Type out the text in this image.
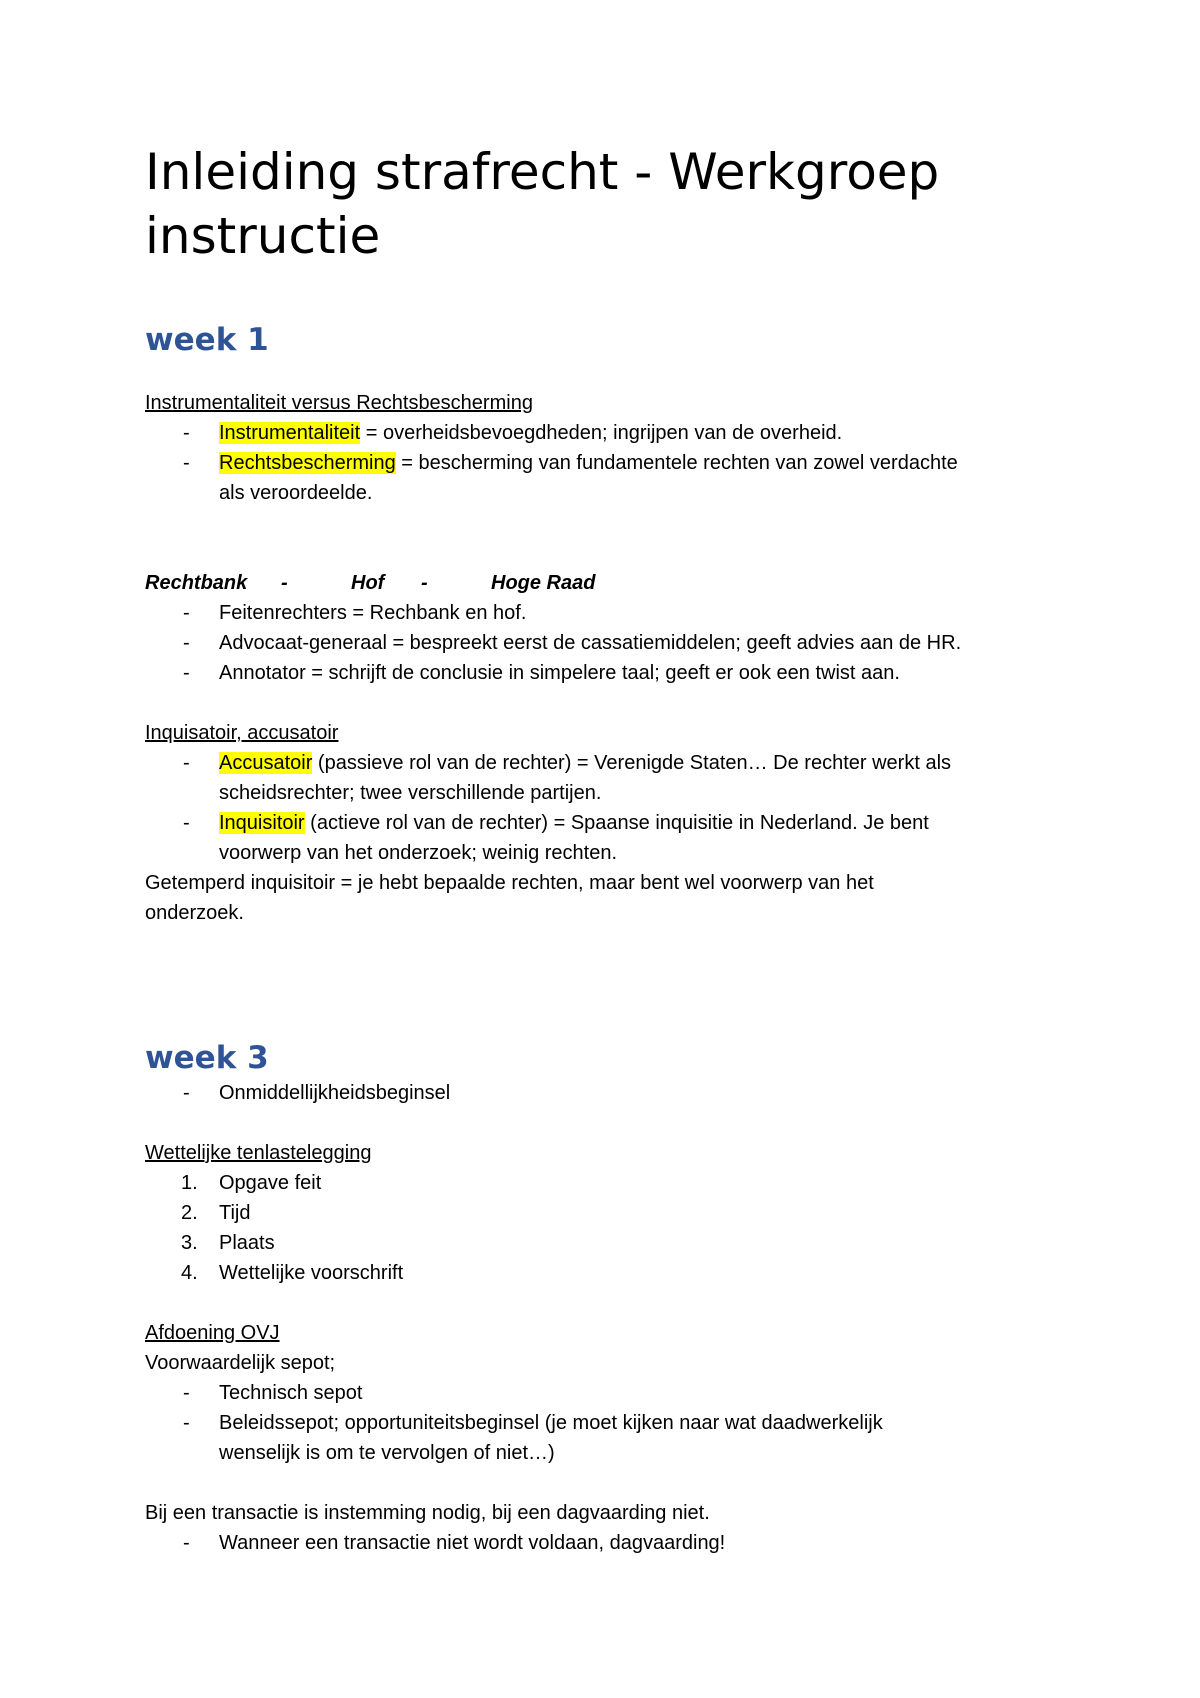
Inleiding strafrecht - Werkgroep
instructie
week 1
Instrumentaliteit versus Rechtsbescherming
- Instrumentaliteit = overheidsbevoegdheden; ingrijpen van de overheid.
- Rechtsbescherming = bescherming van fundamentele rechten van zowel verdachte
als veroordeelde.
Rechtbank	-	Hof	-	Hoge Raad
- Feitenrechters = Rechbank en hof.
- Advocaat-generaal = bespreekt eerst de cassatiemiddelen; geeft advies aan de HR.
- Annotator = schrijft de conclusie in simpelere taal; geeft er ook een twist aan.
Inquisatoir, accusatoir
- Accusatoir (passieve rol van de rechter) = Verenigde Staten… De rechter werkt als
scheidsrechter; twee verschillende partijen.
- Inquisitoir (actieve rol van de rechter) = Spaanse inquisitie in Nederland. Je bent
voorwerp van het onderzoek; weinig rechten.
Getemperd inquisitoir = je hebt bepaalde rechten, maar bent wel voorwerp van het
onderzoek.
week 3
- Onmiddellijkheidsbeginsel
Wettelijke tenlastelegging
1. Opgave feit
2. Tijd
3. Plaats
4. Wettelijke voorschrift
Afdoening OVJ
Voorwaardelijk sepot;
- Technisch sepot
- Beleidssepot; opportuniteitsbeginsel (je moet kijken naar wat daadwerkelijk
wenselijk is om te vervolgen of niet…)
Bij een transactie is instemming nodig, bij een dagvaarding niet.
- Wanneer een transactie niet wordt voldaan, dagvaarding!
